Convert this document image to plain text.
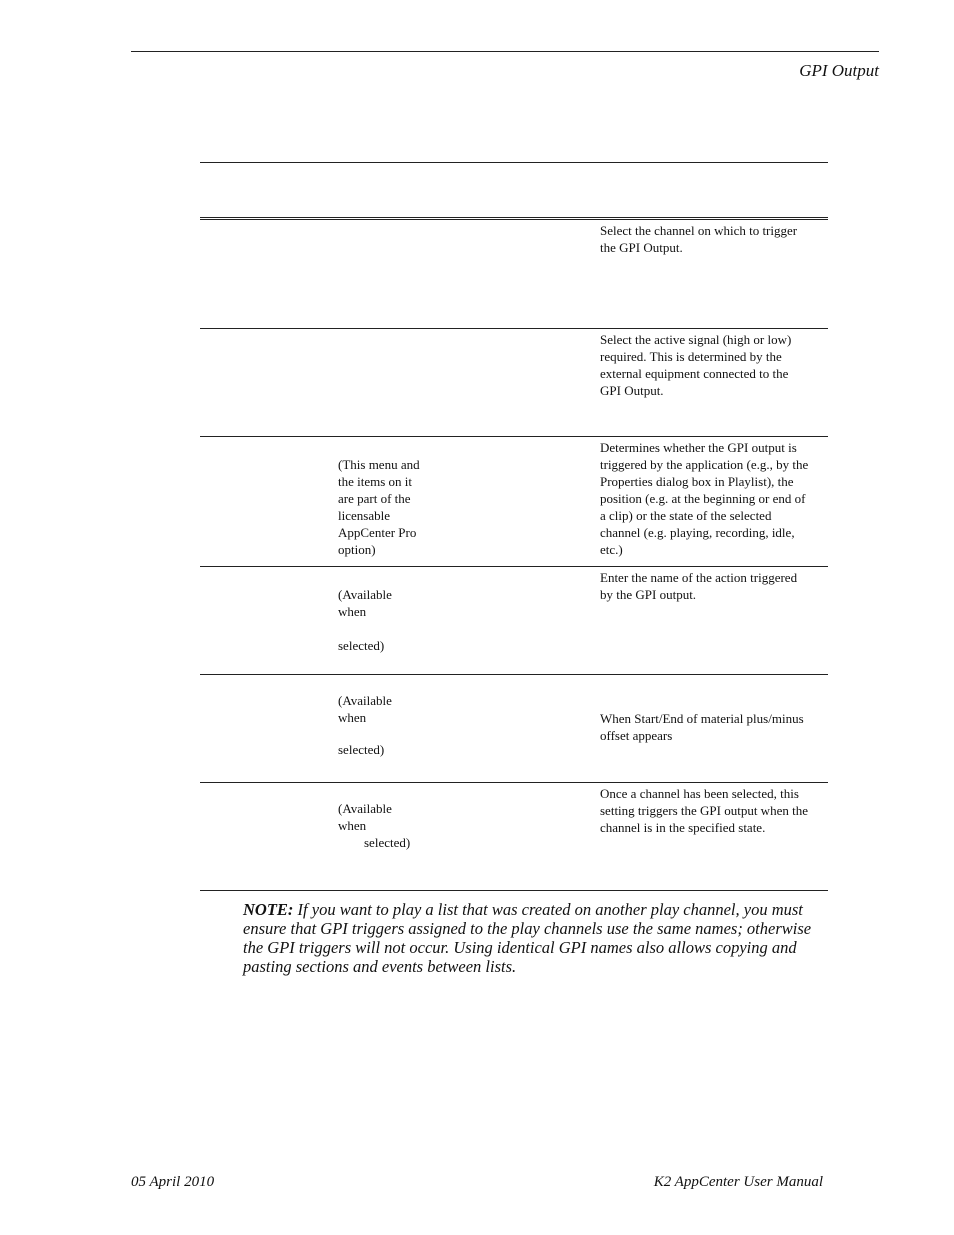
GPI Output
Select the channel on which to trigger
the GPI Output.
Select the active signal (high or low)
required. This is determined by the
external equipment connected to the
GPI Output.
(This menu and
the items on it
are part of the
licensable
AppCenter Pro
option)
Determines whether the GPI output is
triggered by the application (e.g., by the
Properties dialog box in Playlist), the
position (e.g. at the beginning or end of
a clip) or the state of the selected
channel (e.g. playing, recording, idle,
etc.)
(Available
when
selected)
Enter the name of the action triggered
by the GPI output.
(Available
when
selected)
When Start/End of material plus/minus
offset appears
(Available
when
selected)
Once a channel has been selected, this
setting triggers the GPI output when the
channel is in the specified state.
NOTE: If you want to play a list that was created on another play channel, you must ensure that GPI triggers assigned to the play channels use the same names; otherwise the GPI triggers will not occur. Using identical GPI names also allows copying and pasting sections and events between lists.
05 April 2010	K2 AppCenter User Manual
